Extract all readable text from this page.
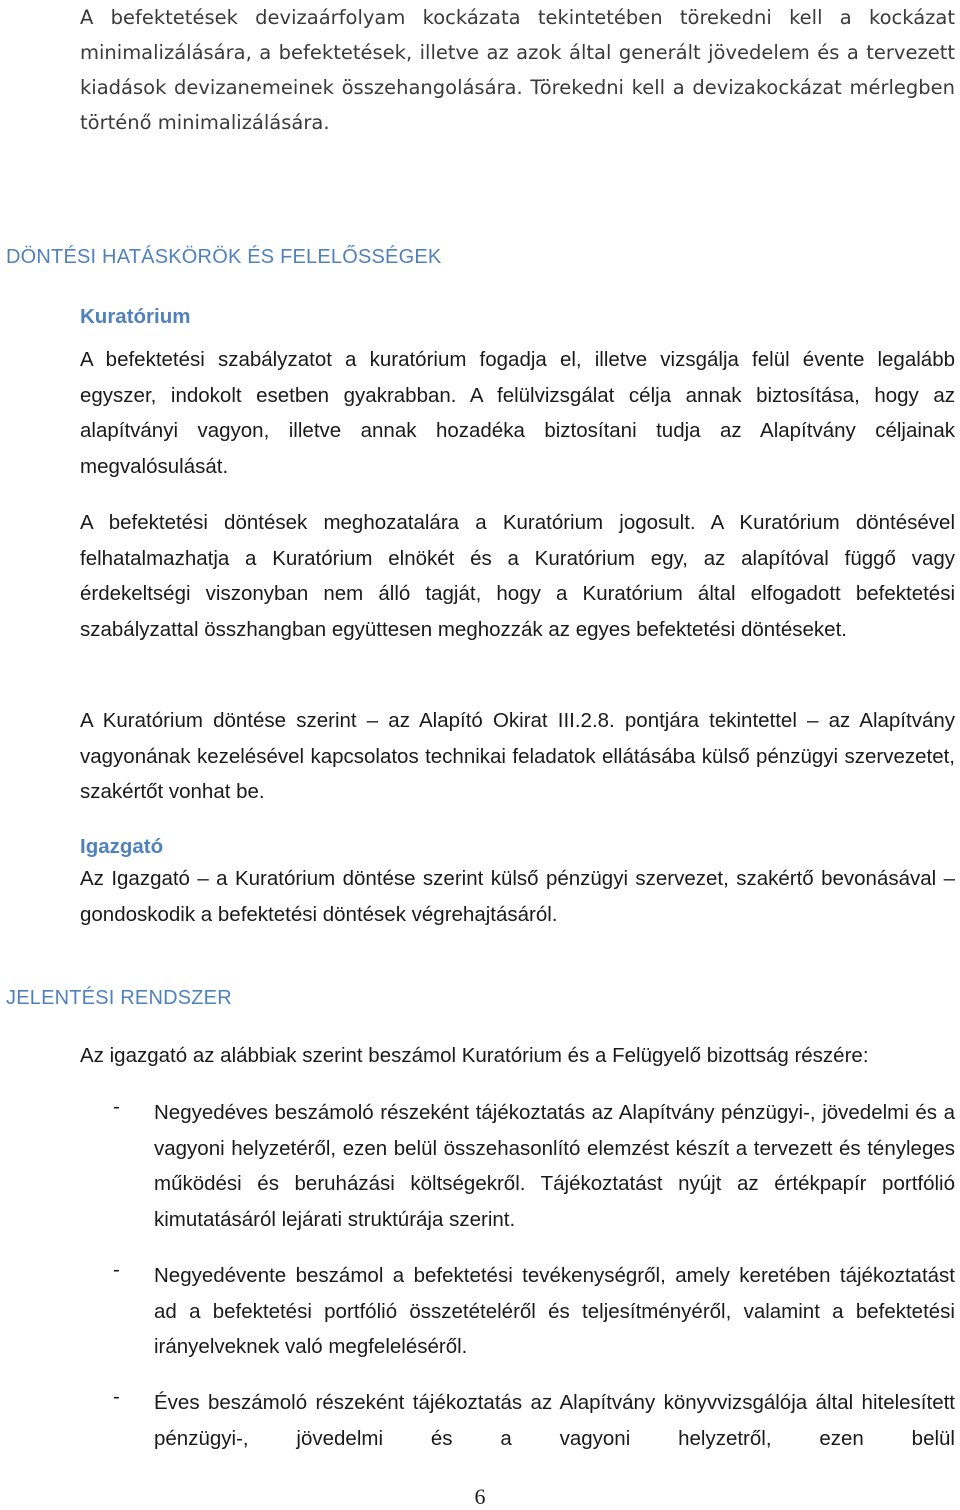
A befektetések devizaárfolyam kockázata tekintetében törekedni kell a kockázat minimalizálására, a befektetések, illetve az azok által generált jövedelem és a tervezett kiadások devizanemeinek összehangolására. Törekedni kell a devizakockázat mérlegben történő minimalizálására.

DÖNTÉSI HATÁSKÖRÖK ÉS FELELŐSSÉGEK
Kuratórium

A befektetési szabályzatot a kuratórium fogadja el, illetve vizsgálja felül évente legalább egyszer, indokolt esetben gyakrabban. A felülvizsgálat célja annak biztosítása, hogy az alapítványi vagyon, illetve annak hozadéka biztosítani tudja az Alapítvány céljainak megvalósulását.

A befektetési döntések meghozatalára a Kuratórium jogosult. A Kuratórium döntésével felhatalmazhatja a Kuratórium elnökét és a Kuratórium egy, az alapítóval függő vagy érdekeltségi viszonyban nem álló tagját, hogy a Kuratórium által elfogadott befektetési szabályzattal összhangban együttesen meghozzák az egyes befektetési döntéseket.

A Kuratórium döntése szerint – az Alapító Okirat III.2.8. pontjára tekintettel – az Alapítvány vagyonának kezelésével kapcsolatos technikai feladatok ellátásába külső pénzügyi szervezetet, szakértőt vonhat be.

Igazgató

Az Igazgató – a Kuratórium döntése szerint külső pénzügyi szervezet, szakértő bevonásával – gondoskodik a befektetési döntések végrehajtásáról.

JELENTÉSI RENDSZER

Az igazgató az alábbiak szerint beszámol Kuratórium és a Felügyelő bizottság részére:

- Negyedéves beszámoló részeként tájékoztatás az Alapítvány pénzügyi-, jövedelmi és a vagyoni helyzetéről, ezen belül összehasonlító elemzést készít a tervezett és tényleges működési és beruházási költségekről. Tájékoztatást nyújt az értékpapír portfólió kimutatásáról lejárati struktúrája szerint.

- Negyedévente beszámol a befektetési tevékenységről, amely keretében tájékoztatást ad a befektetési portfólió összetételéről és teljesítményéről, valamint a befektetési irányelveknek való megfeleléséről.

- Éves beszámoló részeként tájékoztatás az Alapítvány könyvvizsgálója által hitelesített pénzügyi-, jövedelmi és a vagyoni helyzetről, ezen belül

6
